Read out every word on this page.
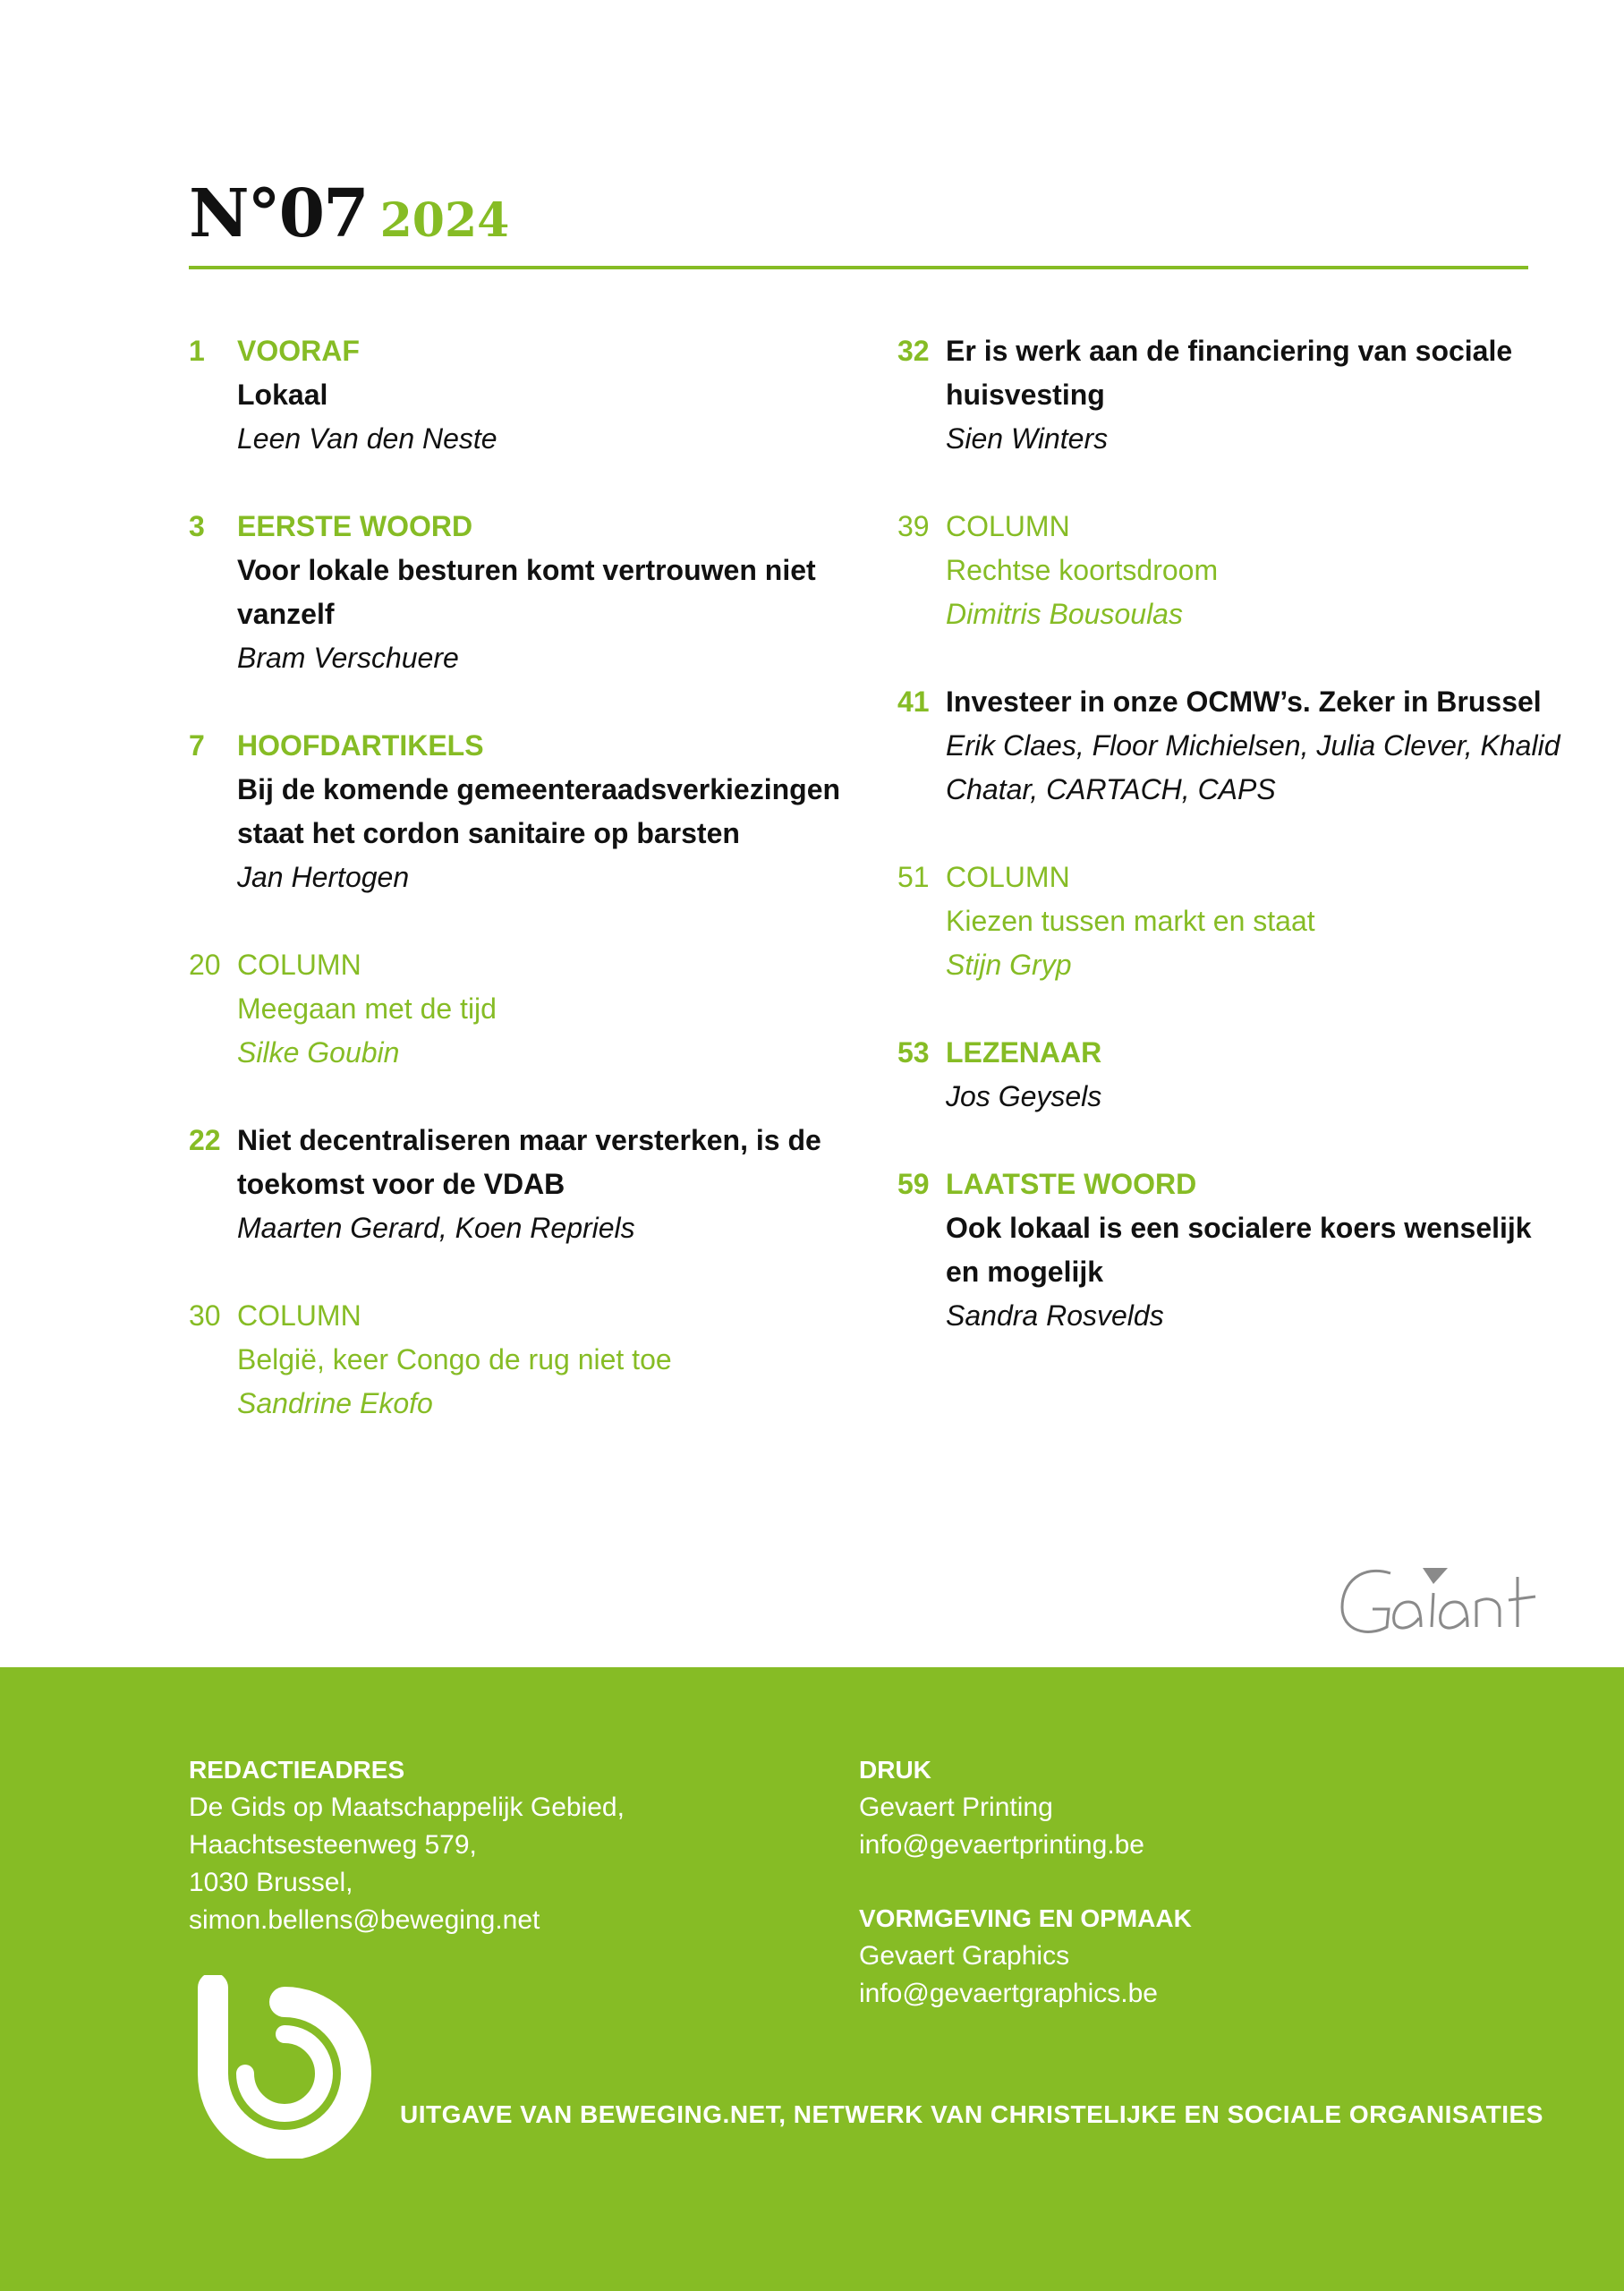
N°07 2024
1	VOORAF
Lokaal
Leen Van den Neste
3	EERSTE WOORD
Voor lokale besturen komt vertrouwen niet vanzelf
Bram Verschuere
7	HOOFDARTIKELS
Bij de komende gemeenteraadsverkiezingen staat het cordon sanitaire op barsten
Jan Hertogen
20 COLUMN
Meegaan met de tijd
Silke Goubin
22 Niet decentraliseren maar versterken, is de toekomst voor de VDAB
Maarten Gerard, Koen Repriels
30 COLUMN
België, keer Congo de rug niet toe
Sandrine Ekofo
32 Er is werk aan de financiering van sociale huisvesting
Sien Winters
39 COLUMN
Rechtse koortsdroom
Dimitris Bousoulas
41 Investeer in onze OCMW’s. Zeker in Brussel
Erik Claes, Floor Michielsen, Julia Clever, Khalid Chatar, CARTACH, CAPS
51 COLUMN
Kiezen tussen markt en staat
Stijn Gryp
53 LEZENAAR
Jos Geysels
59 LAATSTE WOORD
Ook lokaal is een socialere koers wenselijk en mogelijk
Sandra Rosvelds
REDACTIEADRES
De Gids op Maatschappelijk Gebied,
Haachtsesteenweg 579,
1030 Brussel,
simon.bellens@beweging.net
DRUK
Gevaert Printing
info@gevaertprinting.be
VORMGEVING EN OPMAAK
Gevaert Graphics
info@gevaertgraphics.be
UITGAVE VAN BEWEGING.NET, NETWERK VAN CHRISTELIJKE EN SOCIALE ORGANISATIES
